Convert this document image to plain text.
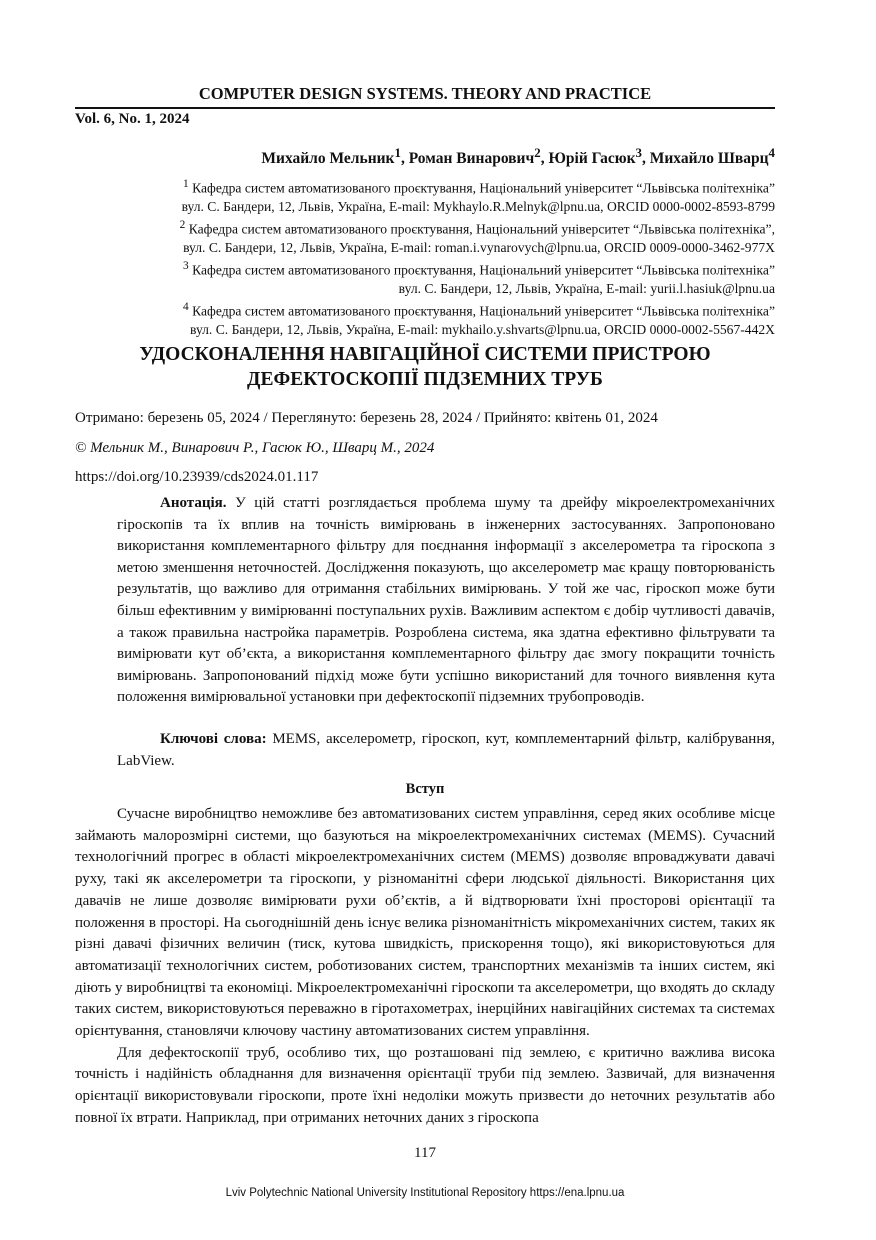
COMPUTER DESIGN SYSTEMS. THEORY AND PRACTICE
Vol. 6, No. 1, 2024
Михайло Мельник$^1$, Роман Винарович$^2$, Юрій Гасюк$^3$, Михайло Шварц$^4$
$^1$ Кафедра систем автоматизованого проєктування, Національний університет “Львівська політехніка”
вул. С. Бандери, 12, Львів, Україна, E-mail: Mykhaylo.R.Melnyk@lpnu.ua, ORCID 0000-0002-8593-8799
$^2$ Кафедра систем автоматизованого проєктування, Національний університет “Львівська політехніка”,
вул. С. Бандери, 12, Львів, Україна, E-mail: roman.i.vynarovych@lpnu.ua, ORCID 0009-0000-3462-977X
$^3$ Кафедра систем автоматизованого проєктування, Національний університет “Львівська політехніка”
вул. С. Бандери, 12, Львів, Україна, E-mail: yurii.l.hasiuk@lpnu.ua
$^4$ Кафедра систем автоматизованого проєктування, Національний університет “Львівська політехніка”
вул. С. Бандери, 12, Львів, Україна, E-mail: mykhailo.y.shvarts@lpnu.ua, ORCID 0000-0002-5567-442X
УДОСКОНАЛЕННЯ НАВІГАЦІЙНОЇ СИСТЕМИ ПРИСТРОЮ
ДЕФЕКТОСКОПІЇ ПІДЗЕМНИХ ТРУБ
Отримано: березень 05, 2024 / Переглянуто: березень 28, 2024 / Прийнято: квітень 01, 2024
© Мельник М., Винарович Р., Гасюк Ю., Шварц М., 2024
https://doi.org/10.23939/cds2024.01.117

Анотація. У цій статті розглядається проблема шуму та дрейфу мікроелектромеханічних гіроскопів та їх вплив на точність вимірювань в інженерних застосуваннях. Запропоновано використання комплементарного фільтру для поєднання інформації з акселерометра та гіроскопа з метою зменшення неточностей. Дослідження показують, що акселерометр має кращу повторюваність результатів, що важливо для отримання стабільних вимірювань. У той же час, гіроскоп може бути більш ефективним у вимірюванні поступальних рухів. Важливим аспектом є добір чутливості давачів, а також правильна настройка параметрів. Розроблена система, яка здатна ефективно фільтрувати та вимірювати кут об’єкта, а використання комплементарного фільтру дає змогу покращити точність вимірювань. Запропонований підхід може бути успішно використаний для точного виявлення кута положення вимірювальної установки при дефектоскопії підземних трубопроводів.

Ключові слова: MEMS, акселерометр, гіроскоп, кут, комплементарний фільтр, калібрування, LabView.

Вступ

Сучасне виробництво неможливе без автоматизованих систем управління, серед яких особливе місце займають малорозмірні системи, що базуються на мікроелектромеханічних системах (MEMS). Сучасний технологічний прогрес в області мікроелектромеханічних систем (MEMS) дозволяє впроваджувати давачі руху, такі як акселерометри та гіроскопи, у різноманітні сфери людської діяльності. Використання цих давачів не лише дозволяє вимірювати рухи об’єктів, а й відтворювати їхні просторові орієнтації та положення в просторі. На сьогоднішній день існує велика різноманітність мікромеханічних систем, таких як різні давачі фізичних величин (тиск, кутова швидкість, прискорення тощо), які використовуються для автоматизації технологічних систем, роботизованих систем, транспортних механізмів та інших систем, які діють у виробництві та економіці. Мікроелектромеханічні гіроскопи та акселерометри, що входять до складу таких систем, використовуються переважно в гіротахометрах, інерційних навігаційних системах та системах орієнтування, становлячи ключову частину автоматизованих систем управління.

Для дефектоскопії труб, особливо тих, що розташовані під землею, є критично важлива висока точність і надійність обладнання для визначення орієнтації труби під землею. Зазвичай, для визначення орієнтації використовували гіроскопи, проте їхні недоліки можуть призвести до неточних результатів або повної їх втрати. Наприклад, при отриманих неточних даних з гіроскопа

117
Lviv Polytechnic National University Institutional Repository https://ena.lpnu.ua
